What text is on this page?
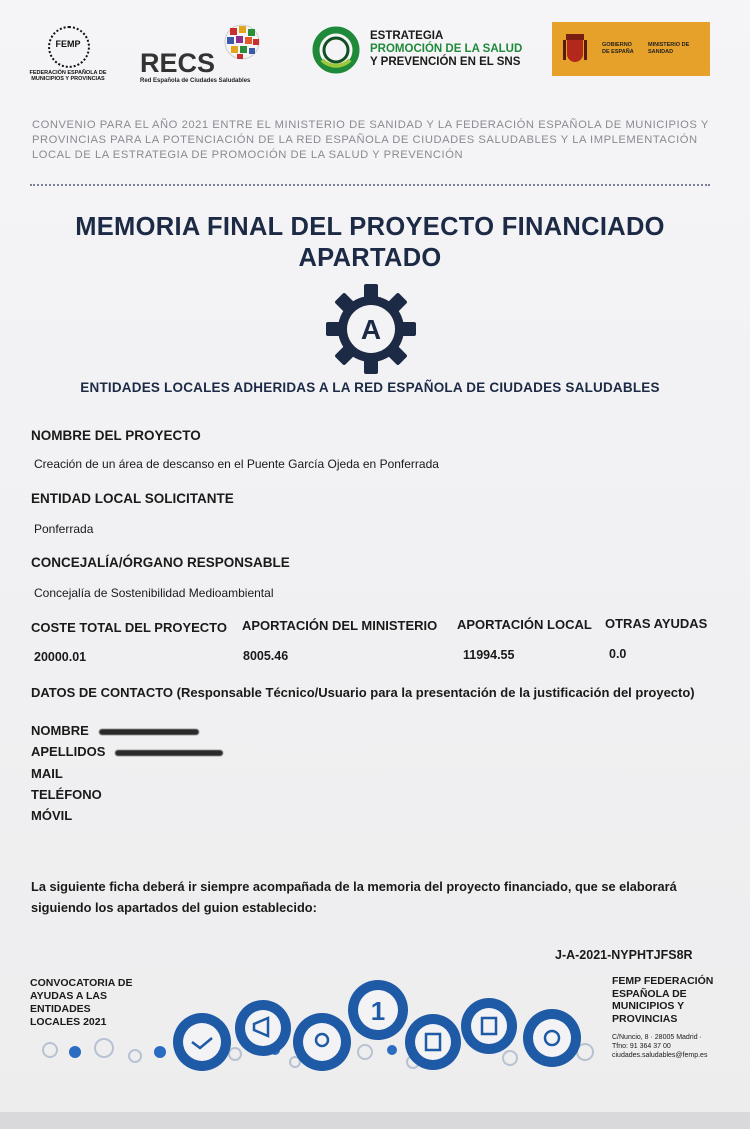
FEMP
FEDERACIÓN ESPAÑOLA DE MUNICIPIOS Y PROVINCIAS
RECS
Red Española de Ciudades Saludables
ESTRATEGIA
PROMOCIÓN DE LA SALUD
Y PREVENCIÓN EN EL SNS
GOBIERNO DE ESPAÑA
MINISTERIO DE SANIDAD
CONVENIO PARA EL AÑO 2021 ENTRE EL MINISTERIO DE SANIDAD Y LA FEDERACIÓN ESPAÑOLA DE MUNICIPIOS Y PROVINCIAS PARA LA POTENCIACIÓN DE LA RED ESPAÑOLA DE CIUDADES SALUDABLES Y LA IMPLEMENTACIÓN LOCAL DE LA ESTRATEGIA DE PROMOCIÓN DE LA SALUD Y PREVENCIÓN
MEMORIA FINAL DEL PROYECTO FINANCIADO
APARTADO
A
ENTIDADES LOCALES ADHERIDAS A LA RED ESPAÑOLA DE CIUDADES SALUDABLES
NOMBRE DEL PROYECTO
Creación de un área de descanso en el Puente García Ojeda en Ponferrada
ENTIDAD LOCAL SOLICITANTE
Ponferrada
CONCEJALÍA/ÓRGANO RESPONSABLE
Concejalía de Sostenibilidad Medioambiental
COSTE TOTAL DEL PROYECTO
20000.01
APORTACIÓN DEL MINISTERIO
8005.46
APORTACIÓN LOCAL
11994.55
OTRAS AYUDAS
0.0
DATOS DE CONTACTO (Responsable Técnico/Usuario para la presentación de la justificación del proyecto)
NOMBRE
APELLIDOS
MAIL
TELÉFONO
MÓVIL
La siguiente ficha deberá ir siempre acompañada de la memoria del proyecto financiado, que se elaborará siguiendo los apartados del guion establecido:
J-A-2021-NYPHTJFS8R
CONVOCATORIA DE AYUDAS A LAS ENTIDADES LOCALES 2021	1
FEMP FEDERACIÓN ESPAÑOLA DE MUNICIPIOS Y PROVINCIAS
C/Nuncio, 8 · 28005 Madrid ·
Tfno: 91 364 37 00
ciudades.saludables@femp.es
